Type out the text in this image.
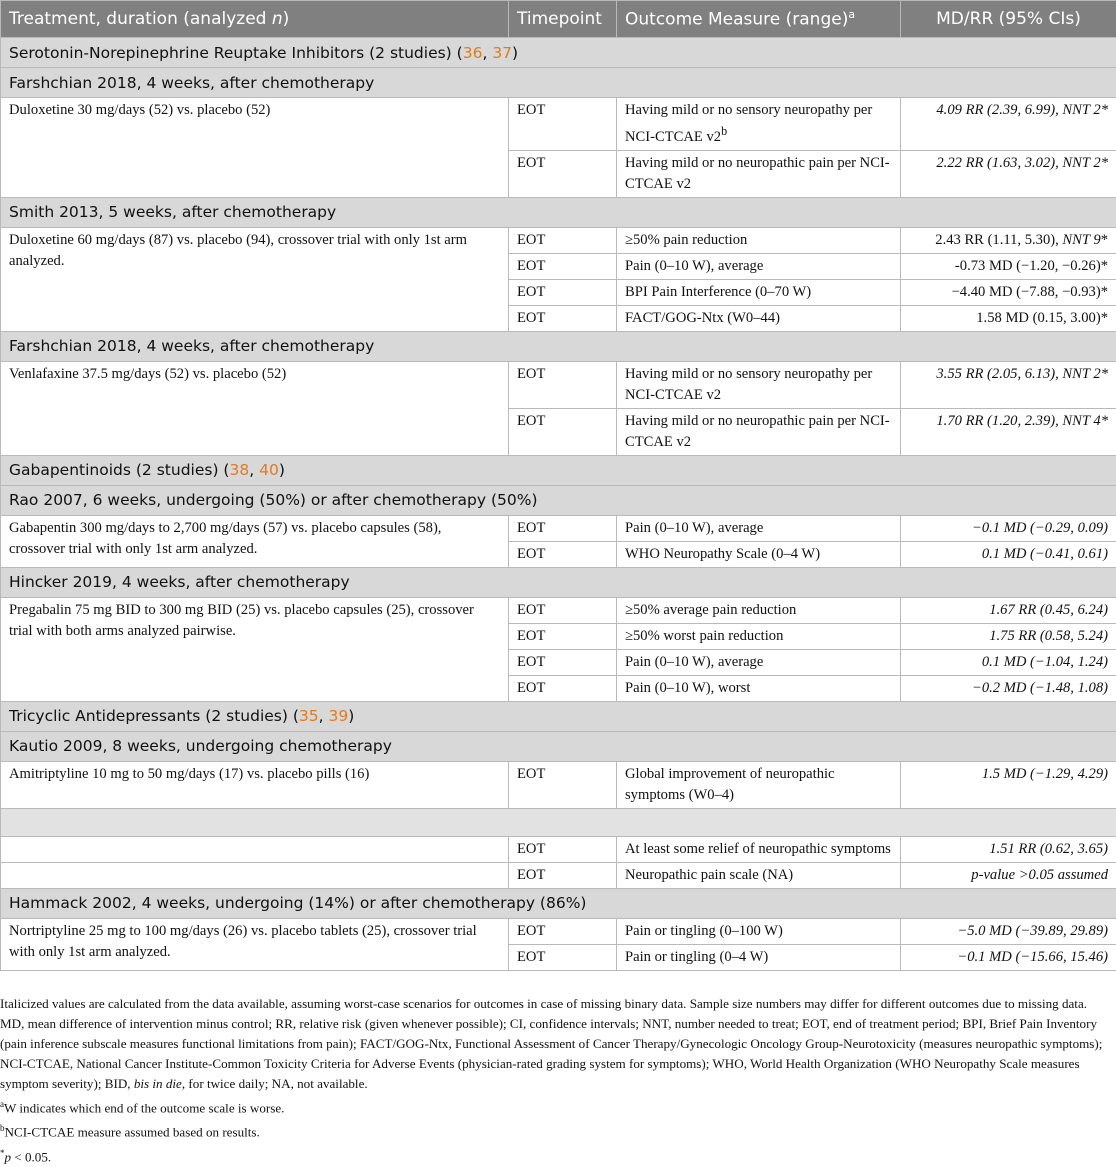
Treatment, duration (analyzed n)	Timepoint	Outcome Measure (range)$^a$	MD/RR (95% CIs)
Serotonin-Norepinephrine Reuptake Inhibitors (2 studies) (36, 37)			
Farshchian 2018, 4 weeks, after chemotherapy			
Duloxetine 30 mg/days (52) vs. placebo (52)	EOT	Having mild or no sensory neuropathy per NCI-CTCAE v2$^b$	4.09 RR (2.39, 6.99), NNT 2*
	EOT	Having mild or no neuropathic pain per NCI-CTCAE v2	2.22 RR (1.63, 3.02), NNT 2*
Smith 2013, 5 weeks, after chemotherapy			
Duloxetine 60 mg/days (87) vs. placebo (94), crossover trial with only 1st arm analyzed.	EOT	≥50% pain reduction	2.43 RR (1.11, 5.30), NNT 9*
	EOT	Pain (0–10 W), average	-0.73 MD (−1.20, −0.26)*
	EOT	BPI Pain Interference (0–70 W)	−4.40 MD (−7.88, −0.93)*
	EOT	FACT/GOG-Ntx (W0–44)	1.58 MD (0.15, 3.00)*
Farshchian 2018, 4 weeks, after chemotherapy			
Venlafaxine 37.5 mg/days (52) vs. placebo (52)	EOT	Having mild or no sensory neuropathy per NCI-CTCAE v2	3.55 RR (2.05, 6.13), NNT 2*
	EOT	Having mild or no neuropathic pain per NCI-CTCAE v2	1.70 RR (1.20, 2.39), NNT 4*
Gabapentinoids (2 studies) (38, 40)			
Rao 2007, 6 weeks, undergoing (50%) or after chemotherapy (50%)			
Gabapentin 300 mg/days to 2,700 mg/days (57) vs. placebo capsules (58), crossover trial with only 1st arm analyzed.	EOT	Pain (0–10 W), average	−0.1 MD (−0.29, 0.09)
	EOT	WHO Neuropathy Scale (0–4 W)	0.1 MD (−0.41, 0.61)
Hincker 2019, 4 weeks, after chemotherapy			
Pregabalin 75 mg BID to 300 mg BID (25) vs. placebo capsules (25), crossover trial with both arms analyzed pairwise.	EOT	≥50% average pain reduction	1.67 RR (0.45, 6.24)
	EOT	≥50% worst pain reduction	1.75 RR (0.58, 5.24)
	EOT	Pain (0–10 W), average	0.1 MD (−1.04, 1.24)
	EOT	Pain (0–10 W), worst	−0.2 MD (−1.48, 1.08)
Tricyclic Antidepressants (2 studies) (35, 39)			
Kautio 2009, 8 weeks, undergoing chemotherapy			
Amitriptyline 10 mg to 50 mg/days (17) vs. placebo pills (16)	EOT	Global improvement of neuropathic symptoms (W0–4)	1.5 MD (−1.29, 4.29)

	EOT	At least some relief of neuropathic symptoms	1.51 RR (0.62, 3.65)
	EOT	Neuropathic pain scale (NA)	p-value >0.05 assumed
Hammack 2002, 4 weeks, undergoing (14%) or after chemotherapy (86%)			
Nortriptyline 25 mg to 100 mg/days (26) vs. placebo tablets (25), crossover trial with only 1st arm analyzed.	EOT	Pain or tingling (0–100 W)	−5.0 MD (−39.89, 29.89)
	EOT	Pain or tingling (0–4 W)	−0.1 MD (−15.66, 15.46)

Italicized values are calculated from the data available, assuming worst-case scenarios for outcomes in case of missing binary data. Sample size numbers may differ for different outcomes due to missing data. MD, mean difference of intervention minus control; RR, relative risk (given whenever possible); CI, confidence intervals; NNT, number needed to treat; EOT, end of treatment period; BPI, Brief Pain Inventory (pain inference subscale measures functional limitations from pain); FACT/GOG-Ntx, Functional Assessment of Cancer Therapy/Gynecologic Oncology Group-Neurotoxicity (measures neuropathic symptoms); NCI-CTCAE, National Cancer Institute-Common Toxicity Criteria for Adverse Events (physician-rated grading system for symptoms); WHO, World Health Organization (WHO Neuropathy Scale measures symptom severity); BID, bis in die, for twice daily; NA, not available.

$^a$W indicates which end of the outcome scale is worse.

$^b$NCI-CTCAE measure assumed based on results.

*p < 0.05.
